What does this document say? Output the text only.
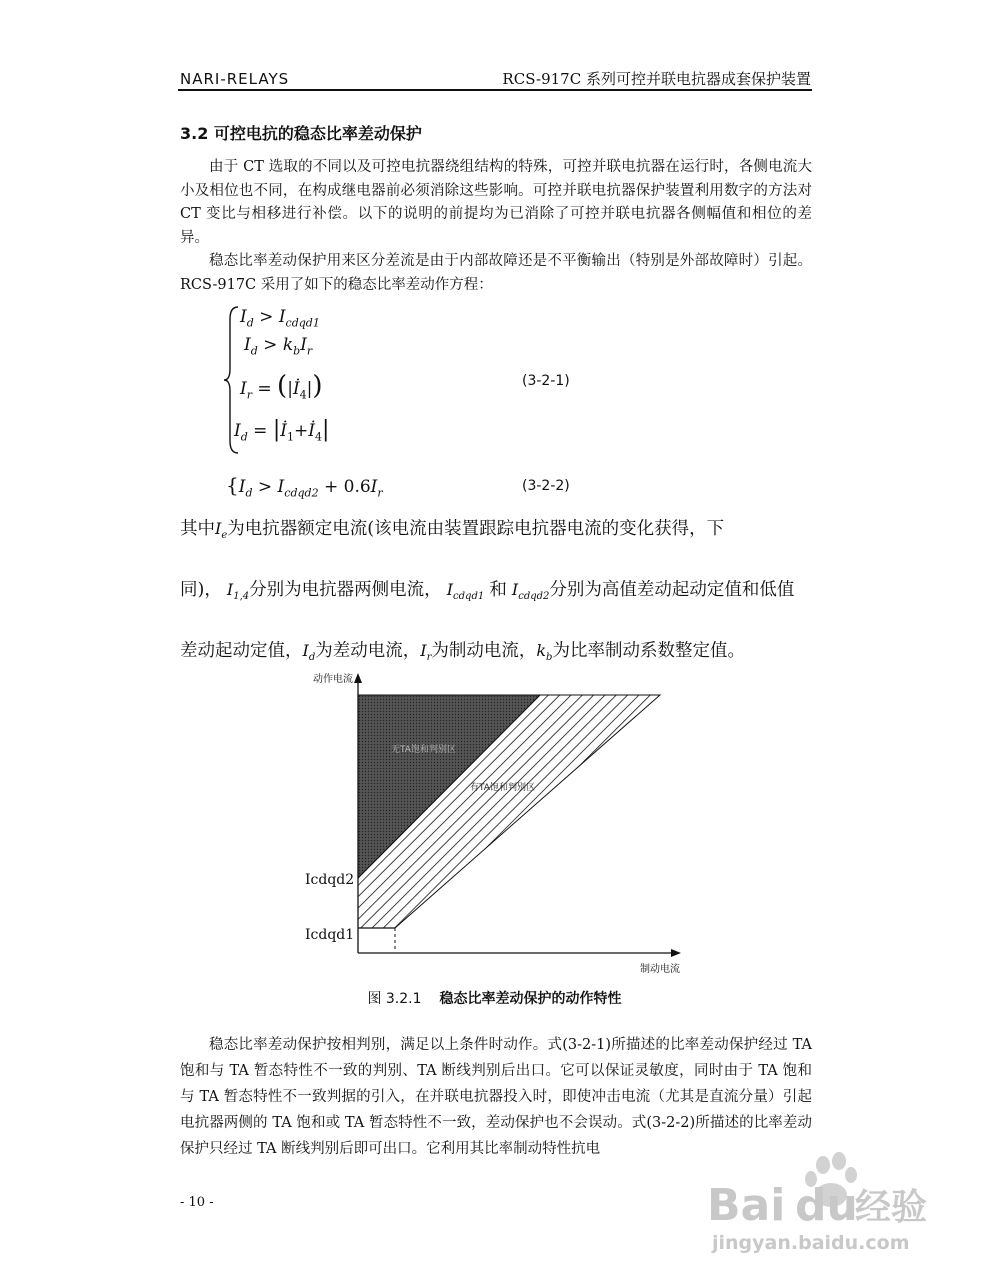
NARI-RELAYS	RCS-917C 系列可控并联电抗器成套保护装置
3.2 可控电抗的稳态比率差动保护

由于 CT 选取的不同以及可控电抗器绕组结构的特殊，可控并联电抗器在运行时，各侧电流大小及相位也不同，在构成继电器前必须消除这些影响。可控并联电抗器保护装置利用数字的方法对 CT 变比与相移进行补偿。以下的说明的前提均为已消除了可控并联电抗器各侧幅值和相位的差异。

稳态比率差动保护用来区分差流是由于内部故障还是不平衡输出（特别是外部故障时）引起。RCS-917C 采用了如下的稳态比率差动作方程：

$I_d > I_{cdqd1}$
$I_d > k_bI_r$
$I_r$ = $(|İ_4|)$
$I_d$ = $|İ_1+İ_4|$
(3-2-1)
{$I_d > I_{cdqd2} + 0.6I_r$	(3-2-2)

其中$I_e$为电抗器额定电流(该电流由装置跟踪电抗器电流的变化获得，下

同)， $I_{1,4}$分别为电抗器两侧电流， $I_{cdqd1}$ 和 $I_{cdqd2}$分别为高值差动起动定值和低值

差动起动定值，$I_d$为差动电流，$I_r$为制动电流，$k_b$为比率制动系数整定值。

动作电流
制动电流
Icdqd2
Icdqd1
无TA饱和判别区
有TA饱和判别区
图 3.2.1 稳态比率差动保护的动作特性

稳态比率差动保护按相判别，满足以上条件时动作。式(3-2-1)所描述的比率差动保护经过 TA 饱和与 TA 暂态特性不一致的判别、TA 断线判别后出口。它可以保证灵敏度，同时由于 TA 饱和与 TA 暂态特性不一致判据的引入，在并联电抗器投入时，即使冲击电流（尤其是直流分量）引起电抗器两侧的 TA 饱和或 TA 暂态特性不一致，差动保护也不会误动。式(3-2-2)所描述的比率差动保护只经过 TA 断线判别后即可出口。它利用其比率制动特性抗电

- 10 -	Bai du
经验
jingyan.baidu.com
